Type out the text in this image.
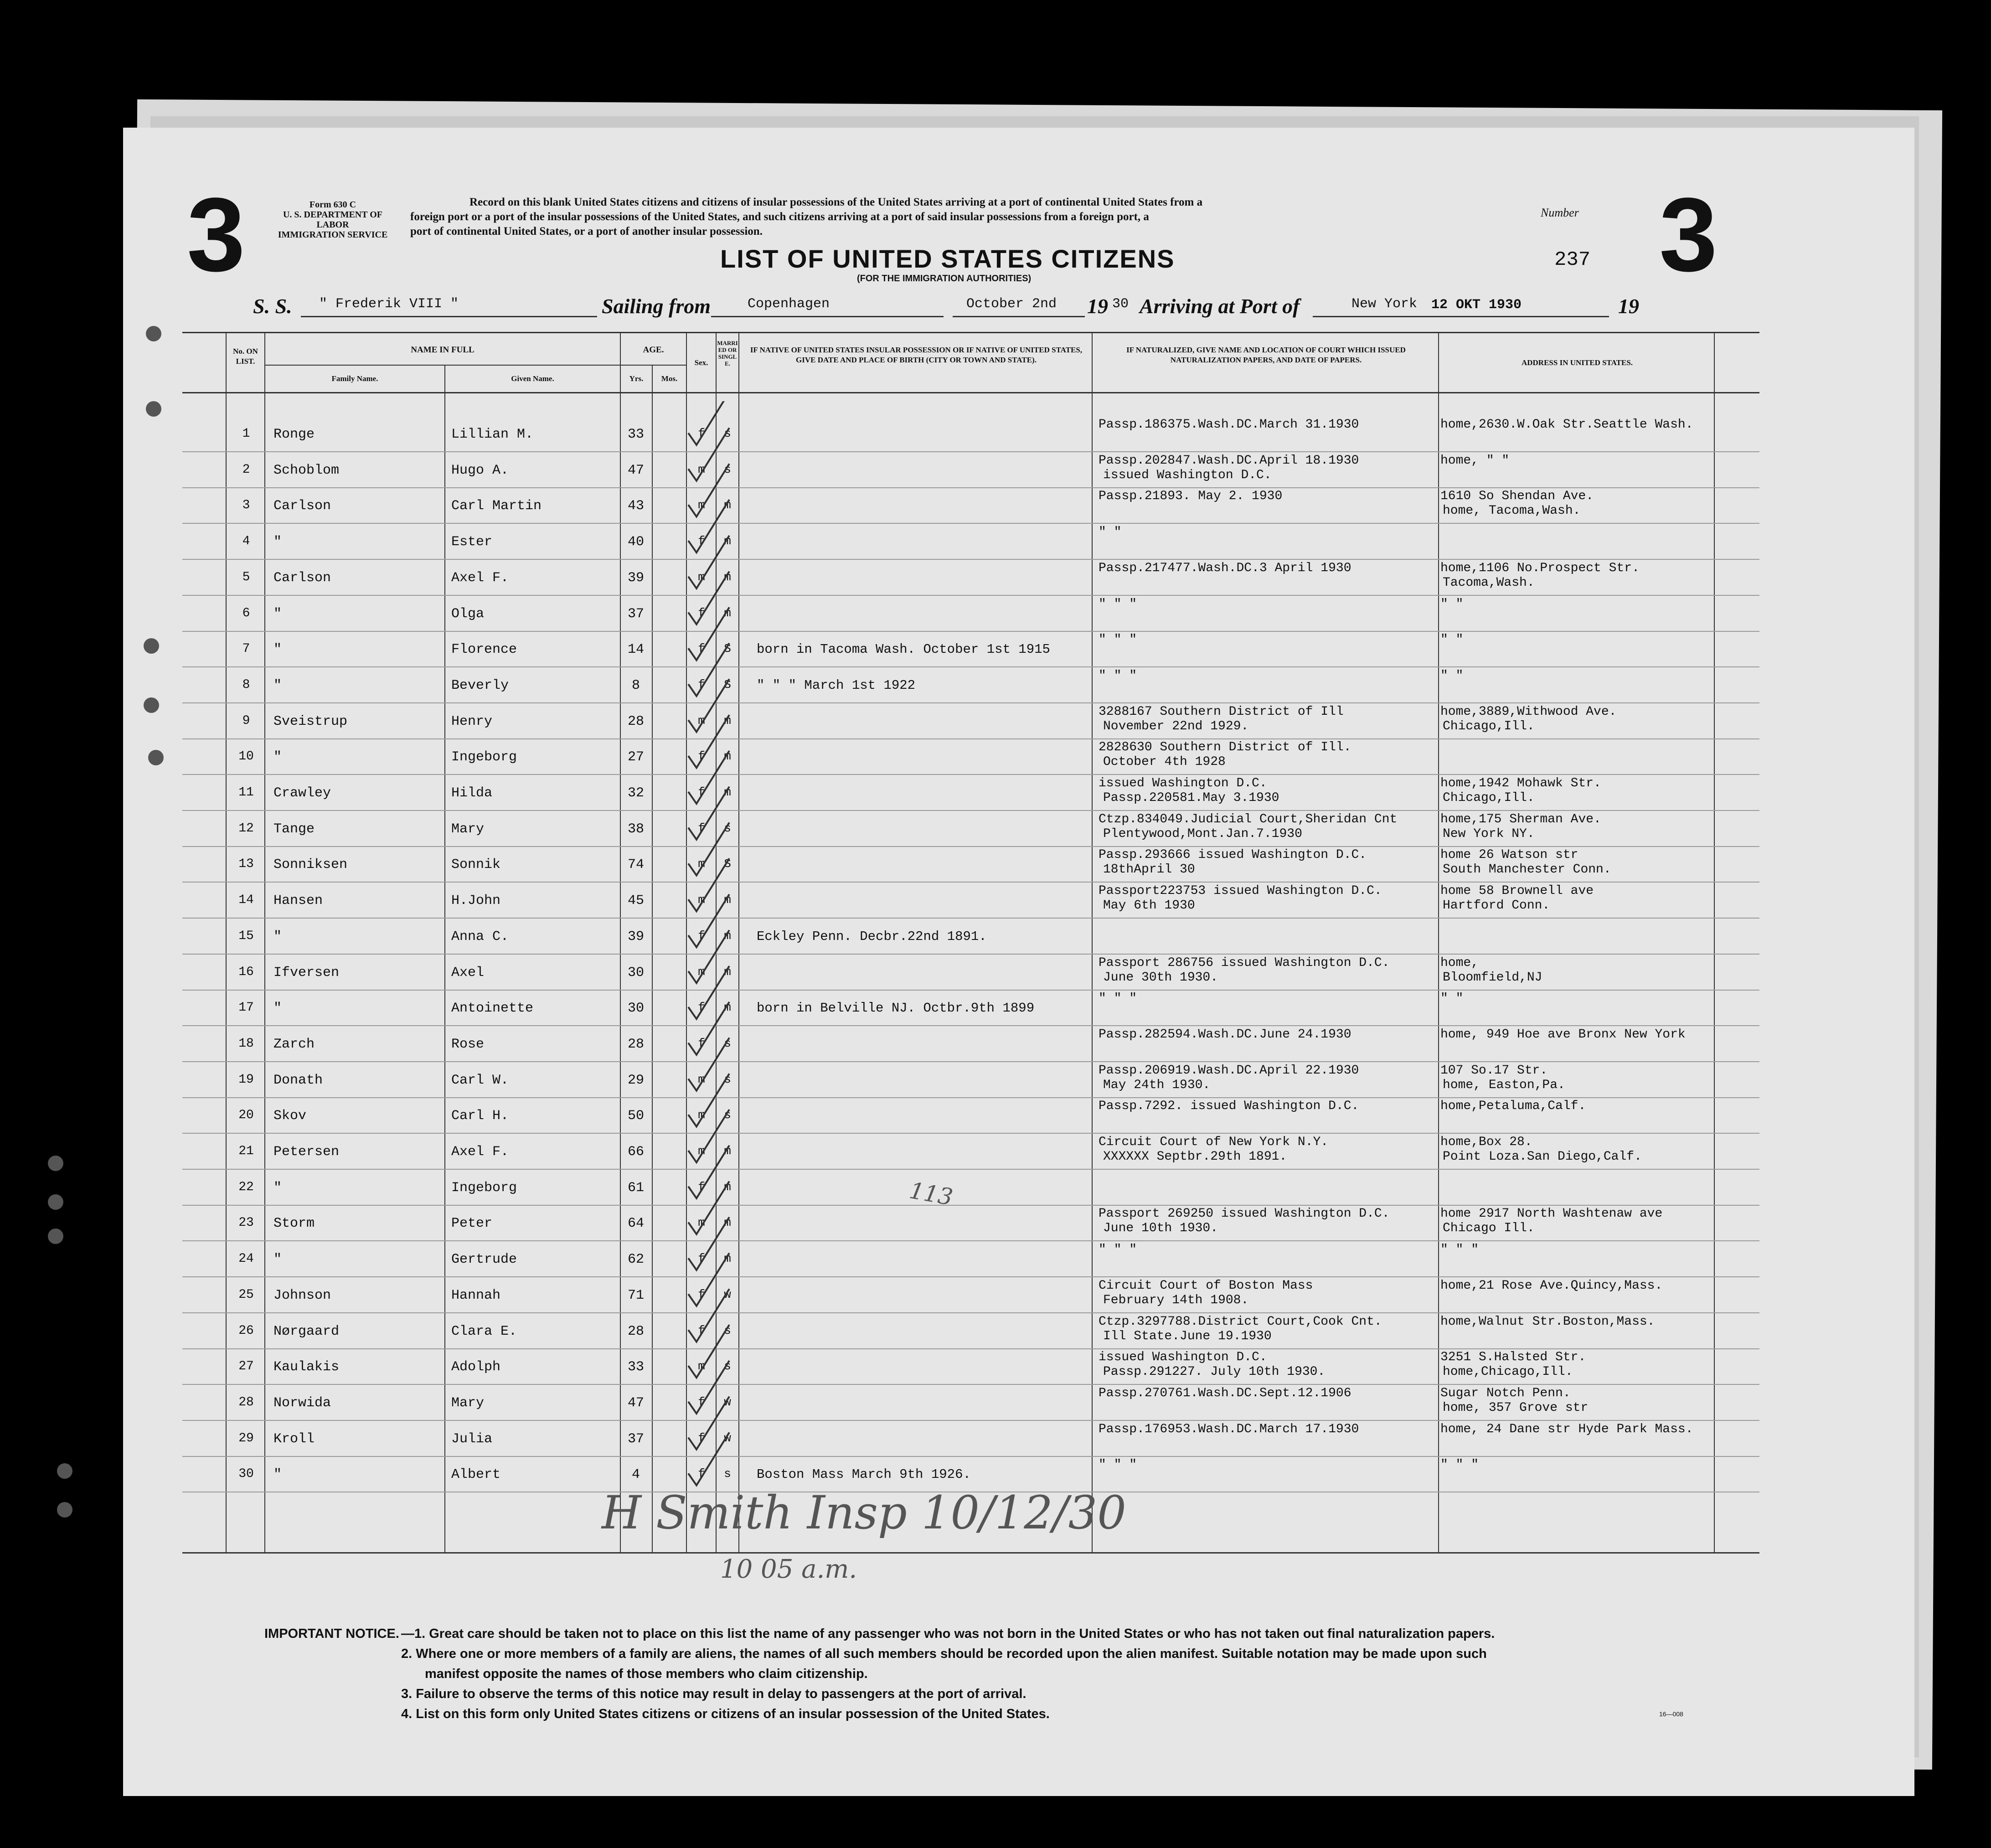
3	3
Form 630 C
U. S. DEPARTMENT OF LABOR
IMMIGRATION SERVICE
Record on this blank United States citizens and citizens of insular possessions of the United States arriving at a port of continental United States from a
foreign port or a port of the insular possessions of the United States, and such citizens arriving at a port of said insular possessions from a foreign port, a
port of continental United States, or a port of another insular possession.
Number
237
LIST OF UNITED STATES CITIZENS
(FOR THE IMMIGRATION AUTHORITIES)
S. S. " Frederik VIII "	Sailing from	Copenhagen	October 2nd 19 30 Arriving at Port of	New York 12 OKT 1930	19
No. ON LIST.
NAME IN FULL
Family Name.	Given Name.
AGE.
Yrs.	Mos.
Sex.
MARRIED OR SINGLE.
IF NATIVE OF UNITED STATES INSULAR POSSESSION OR IF NATIVE OF UNITED STATES, GIVE DATE AND PLACE OF BIRTH (CITY OR TOWN AND STATE).
IF NATURALIZED, GIVE NAME AND LOCATION OF COURT WHICH ISSUED NATURALIZATION PAPERS, AND DATE OF PAPERS.	ADDRESS IN UNITED STATES.
1	Ronge	Lillian M.	33	f	s
Passp.186375.Wash.DC.March 31.1930	home,2630.W.Oak Str.Seattle Wash.
2	Schoblom	Hugo A.	47	m	s
Passp.202847.Wash.DC.April 18.1930
issued Washington D.C.
home, " "
3	Carlson	Carl Martin	43	m	m
Passp.21893. May 2. 1930	1610 So Shendan Ave.
home, Tacoma,Wash.
4	"	Ester	40	f	m
" "
5	Carlson	Axel F.	39	m	m
Passp.217477.Wash.DC.3 April 1930	home,1106 No.Prospect Str.
Tacoma,Wash.
6	"	Olga	37	f	m
" " "	" "
7	"	Florence	14	f	S	born in Tacoma Wash. October 1st 1915
" " "	" "
8	"	Beverly	8	f	S	" " " March 1st 1922
" " "	" "
9	Sveistrup	Henry	28	m	m
3288167 Southern District of Ill
November 22nd 1929.
home,3889,Withwood Ave.
Chicago,Ill.
10	"	Ingeborg	27	f	m
2828630 Southern District of Ill.
October 4th 1928
11	Crawley	Hilda	32	f	m
issued Washington D.C.
Passp.220581.May 3.1930
home,1942 Mohawk Str.
Chicago,Ill.
12	Tange	Mary	38	f	s
Ctzp.834049.Judicial Court,Sheridan Cnt
Plentywood,Mont.Jan.7.1930
home,175 Sherman Ave.
New York NY.
13	Sonniksen	Sonnik	74	m	S
Passp.293666 issued Washington D.C.
18thApril 30
home 26 Watson str
South Manchester Conn.
14	Hansen	H.John	45	m	m
Passport223753 issued Washington D.C.
May 6th 1930
home 58 Brownell ave
Hartford Conn.
15	"	Anna C.	39	f	m	Eckley Penn. Decbr.22nd 1891.
16	Ifversen	Axel	30	m	m
Passport 286756 issued Washington D.C.
June 30th 1930.
home,
Bloomfield,NJ
17	"	Antoinette	30	f	m	born in Belville NJ. Octbr.9th 1899
" " "	" "
18	Zarch	Rose	28	f	s
Passp.282594.Wash.DC.June 24.1930	home, 949 Hoe ave Bronx New York
19	Donath	Carl W.	29	m	s
Passp.206919.Wash.DC.April 22.1930
May 24th 1930.
107 So.17 Str.
home, Easton,Pa.
20	Skov	Carl H.	50	m	s
Passp.7292. issued Washington D.C.	home,Petaluma,Calf.
21	Petersen	Axel F.	66	m	m
Circuit Court of New York N.Y.
XXXXXX Septbr.29th 1891.
home,Box 28.
Point Loza.San Diego,Calf.
22	"	Ingeborg	61	f	m
23	Storm	Peter	64	m	m
Passport 269250 issued Washington D.C.
June 10th 1930.
home 2917 North Washtenaw ave
Chicago Ill.
24	"	Gertrude	62	f	m
" " "	" " "
25	Johnson	Hannah	71	f	w
Circuit Court of Boston Mass
February 14th 1908.
home,21 Rose Ave.Quincy,Mass.
26	Nørgaard	Clara E.	28	f	s
Ctzp.3297788.District Court,Cook Cnt.
Ill State.June 19.1930
home,Walnut Str.Boston,Mass.
27	Kaulakis	Adolph	33	m	s
issued Washington D.C.
Passp.291227. July 10th 1930.
3251 S.Halsted Str.
home,Chicago,Ill.
28	Norwida	Mary	47	f	w
Passp.270761.Wash.DC.Sept.12.1906	Sugar Notch Penn.
home, 357 Grove str
29	Kroll	Julia	37	f	w
Passp.176953.Wash.DC.March 17.1930	home, 24 Dane str Hyde Park Mass.
30	"	Albert	4	f	s	Boston Mass March 9th 1926.
" " "	" " "
113
H Smith Insp 10/12/30
10 05 a.m.
IMPORTANT NOTICE. —1. Great care should be taken not to place on this list the name of any passenger who was not born in the United States or who has not taken out final naturalization papers.
2. Where one or more members of a family are aliens, the names of all such members should be recorded upon the alien manifest. Suitable notation may be made upon such
manifest opposite the names of those members who claim citizenship.
3. Failure to observe the terms of this notice may result in delay to passengers at the port of arrival.
4. List on this form only United States citizens or citizens of an insular possession of the United States.	16—008
